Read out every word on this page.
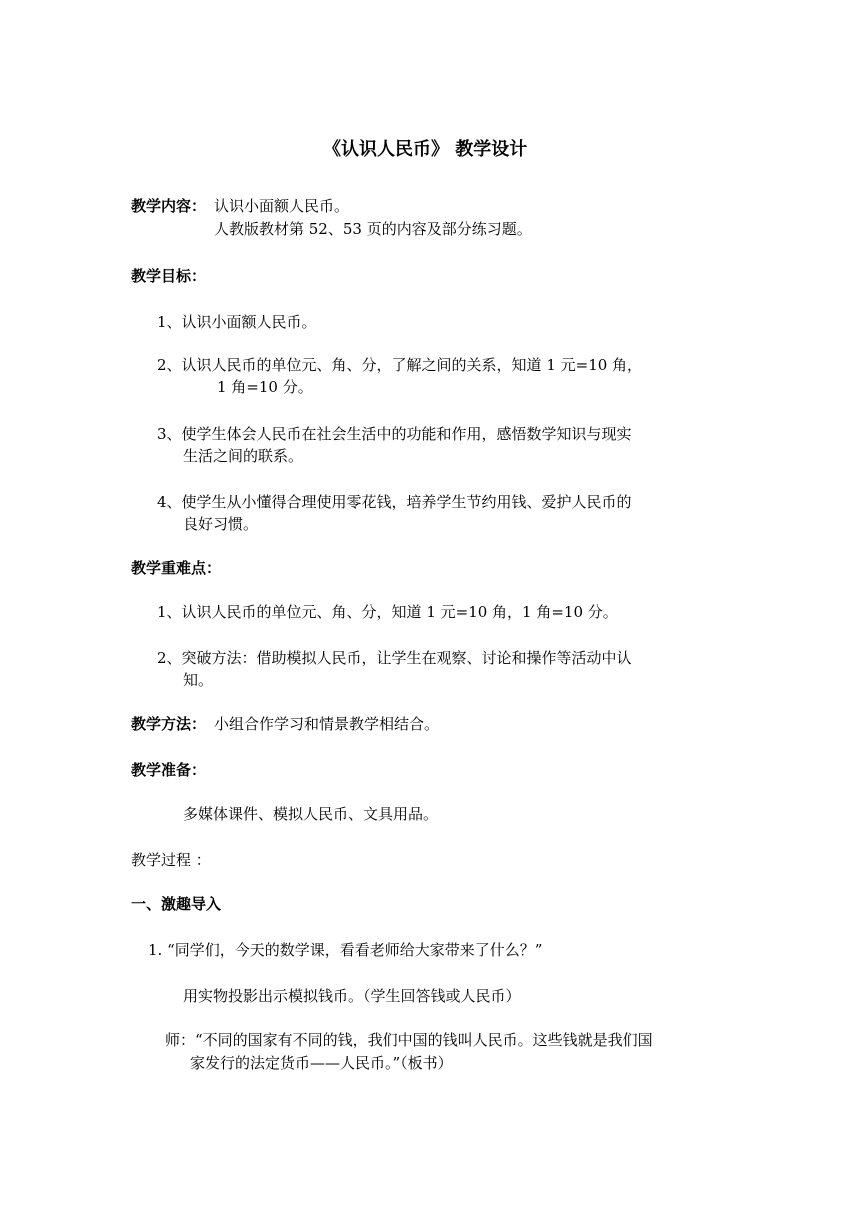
《认识人民币》 教学设计
教学内容： 认识小面额人民币。
人教版教材第 52、53 页的内容及部分练习题。
教学目标：
1、认识小面额人民币。
2、认识人民币的单位元、角、分，了解之间的关系，知道 1 元=10 角，
1 角=10 分。
3、使学生体会人民币在社会生活中的功能和作用，感悟数学知识与现实
生活之间的联系。
4、使学生从小懂得合理使用零花钱，培养学生节约用钱、爱护人民币的
良好习惯。
教学重难点：
1、认识人民币的单位元、角、分，知道 1 元=10 角，1 角=10 分。
2、突破方法：借助模拟人民币，让学生在观察、讨论和操作等活动中认
知。
教学方法： 小组合作学习和情景教学相结合。
教学准备：
多媒体课件、模拟人民币、文具用品。
教学过程 ：
一、激趣导入
1. “同学们，今天的数学课，看看老师给大家带来了什么？”
用实物投影出示模拟钱币。（学生回答钱或人民币）
师：“不同的国家有不同的钱，我们中国的钱叫人民币。这些钱就是我们国
家发行的法定货币——人民币。”（板书）
